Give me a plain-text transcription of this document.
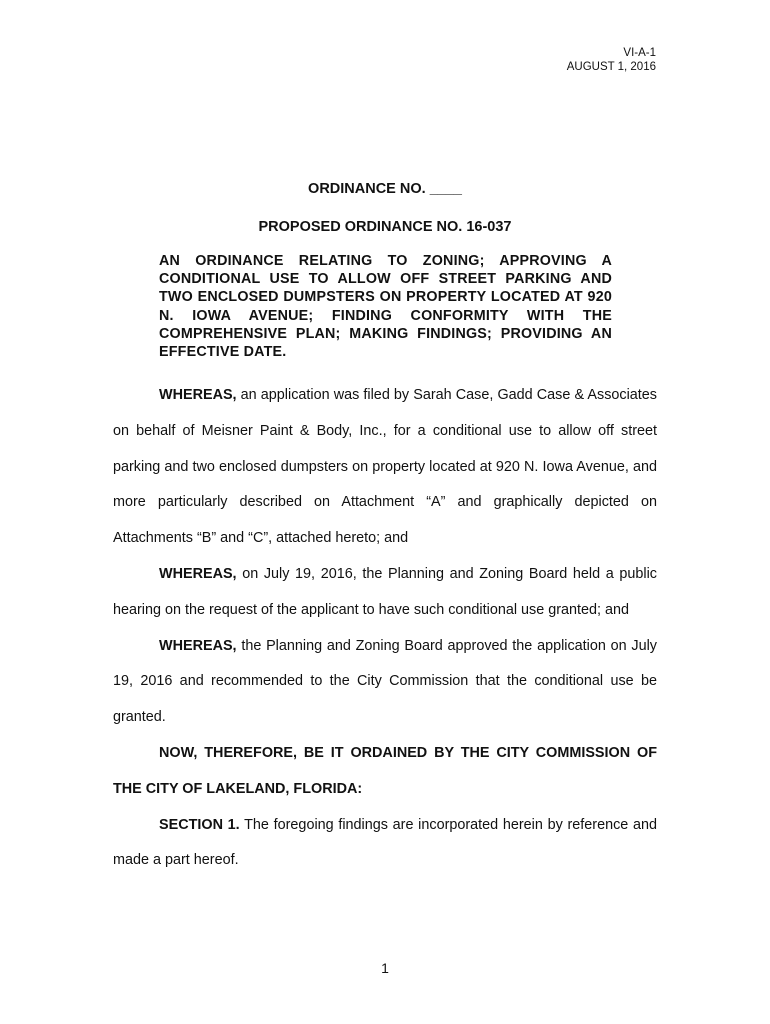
VI-A-1
AUGUST 1, 2016
ORDINANCE NO. ____
PROPOSED ORDINANCE NO. 16-037
AN ORDINANCE RELATING TO ZONING; APPROVING A CONDITIONAL USE TO ALLOW OFF STREET PARKING AND TWO ENCLOSED DUMPSTERS ON PROPERTY LOCATED AT 920 N. IOWA AVENUE; FINDING CONFORMITY WITH THE COMPREHENSIVE PLAN; MAKING FINDINGS; PROVIDING AN EFFECTIVE DATE.

WHEREAS, an application was filed by Sarah Case, Gadd Case & Associates on behalf of Meisner Paint & Body, Inc., for a conditional use to allow off street parking and two enclosed dumpsters on property located at 920 N. Iowa Avenue, and more particularly described on Attachment “A” and graphically depicted on Attachments “B” and “C”, attached hereto; and

WHEREAS, on July 19, 2016, the Planning and Zoning Board held a public hearing on the request of the applicant to have such conditional use granted; and

WHEREAS, the Planning and Zoning Board approved the application on July 19, 2016 and recommended to the City Commission that the conditional use be granted.

NOW, THEREFORE, BE IT ORDAINED BY THE CITY COMMISSION OF THE CITY OF LAKELAND, FLORIDA:

SECTION 1. The foregoing findings are incorporated herein by reference and made a part hereof.

1
